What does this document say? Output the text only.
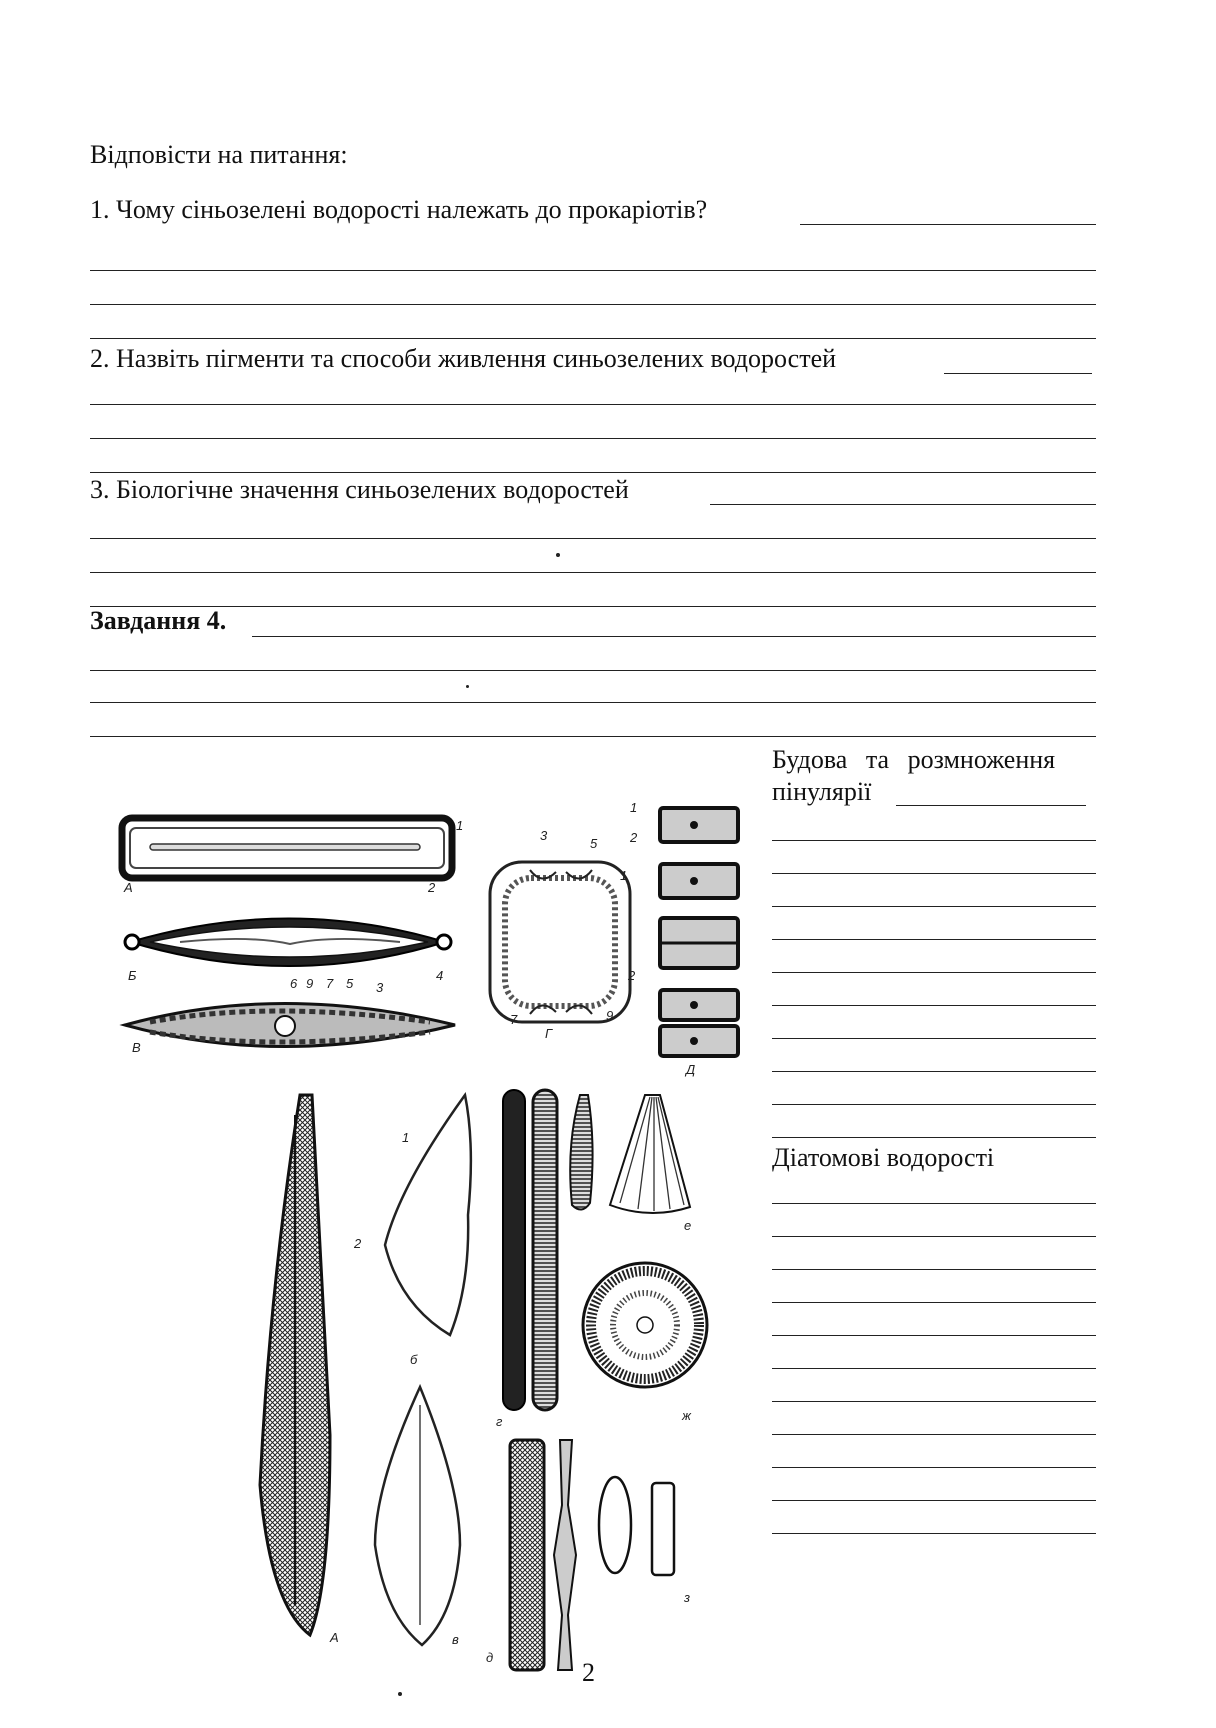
Відповісти на питання:
1. Чому сіньозелені водорості належать до прокаріотів?
2. Назвіть пігменти та способи живлення синьозелених водоростей
3. Біологічне значення синьозелених водоростей
Завдання 4.
Будова та розмноження
пінулярії
Діатомові водорості
А
Б
В
Г
Д
1
2
4
3
6 9 7 5
3
5
1
2
9
7
1
2
A
б
в
г
д
е
ж
з
1
2
2
